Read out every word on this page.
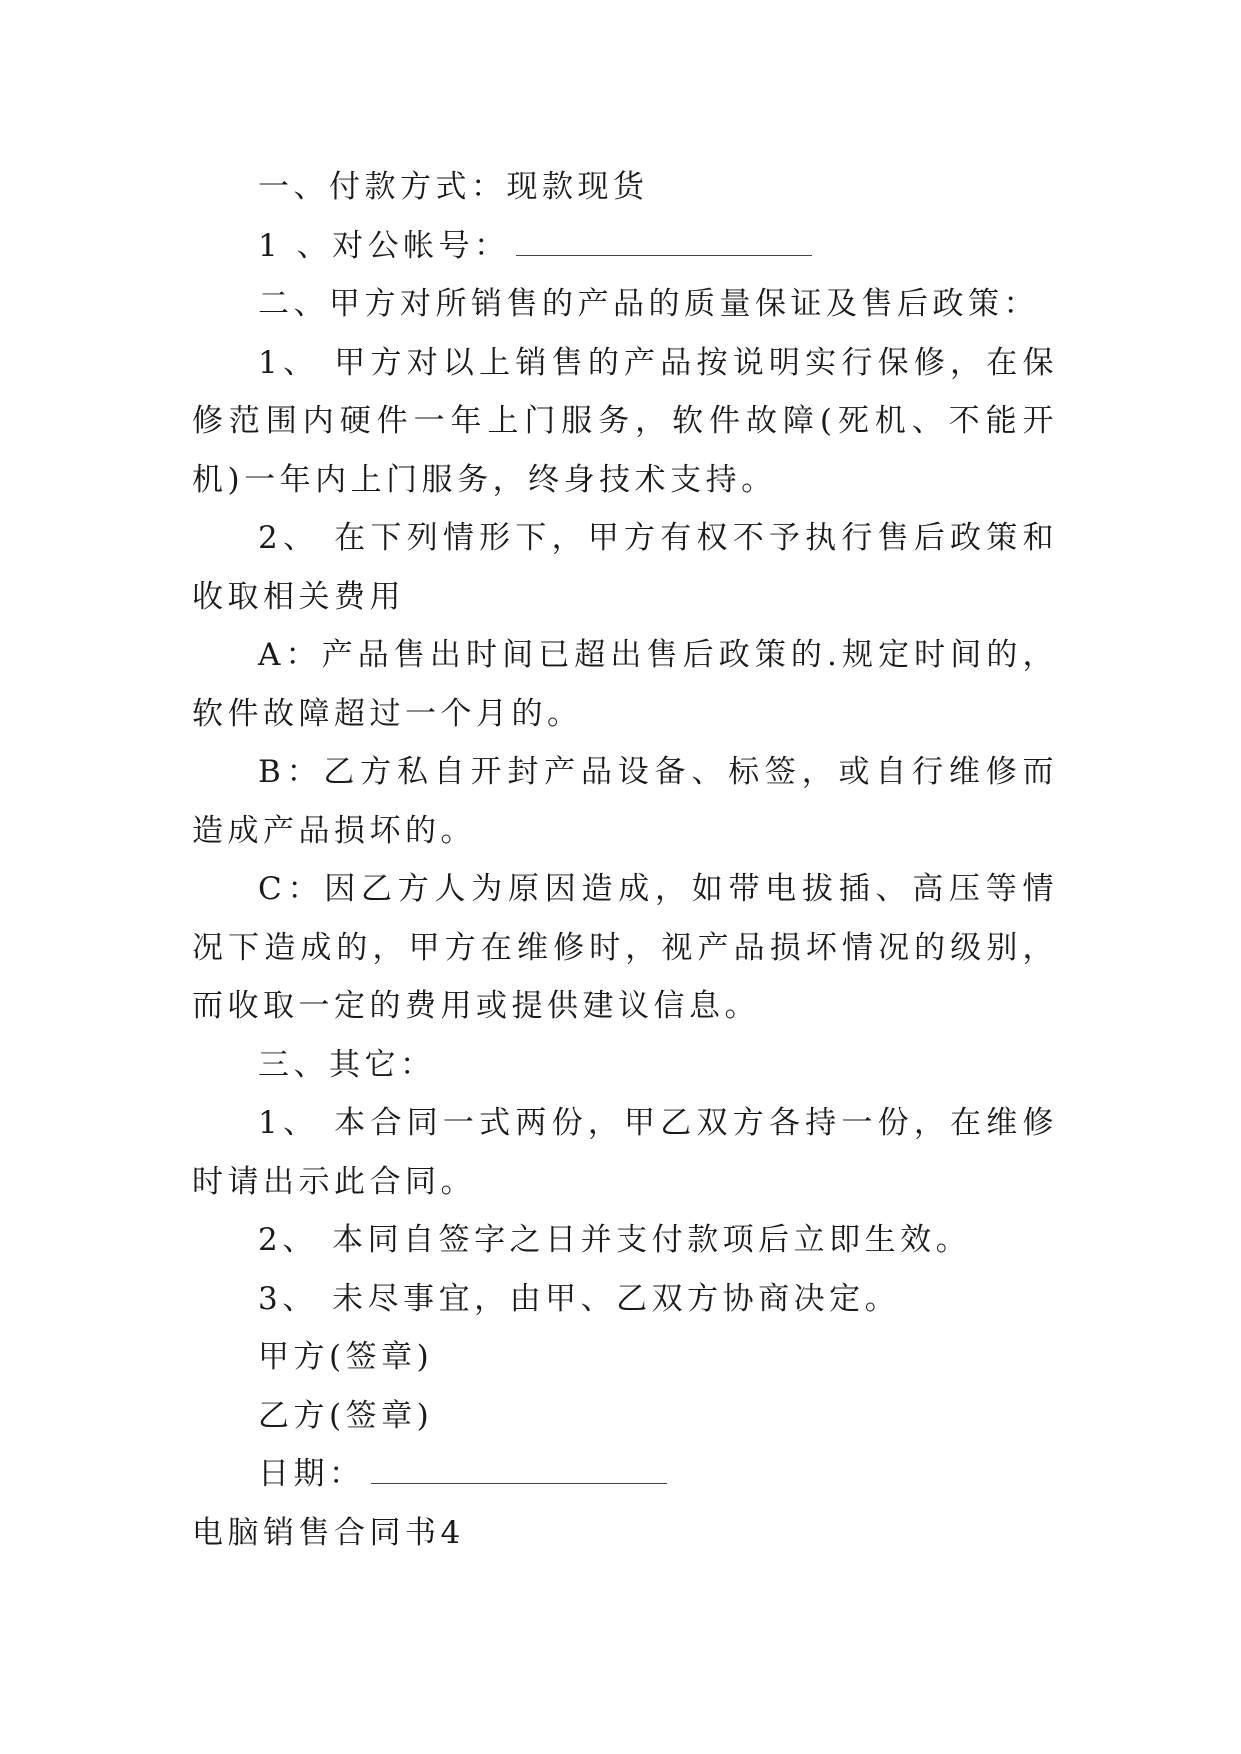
一、付款方式：现款现货

1 、对公帐号：

二、甲方对所销售的产品的质量保证及售后政策：

1、 甲方对以上销售的产品按说明实行保修，在保修范围内硬件一年上门服务，软件故障(死机、不能开机)一年内上门服务，终身技术支持。

2、 在下列情形下，甲方有权不予执行售后政策和收取相关费用

A：产品售出时间已超出售后政策的.规定时间的，软件故障超过一个月的。

B：乙方私自开封产品设备、标签，或自行维修而造成产品损坏的。

C：因乙方人为原因造成，如带电拔插、高压等情况下造成的，甲方在维修时，视产品损坏情况的级别，而收取一定的费用或提供建议信息。

三、其它：

1、 本合同一式两份，甲乙双方各持一份，在维修时请出示此合同。

2、 本同自签字之日并支付款项后立即生效。

3、 未尽事宜，由甲、乙双方协商决定。

甲方(签章)

乙方(签章)

日期：

电脑销售合同书4
